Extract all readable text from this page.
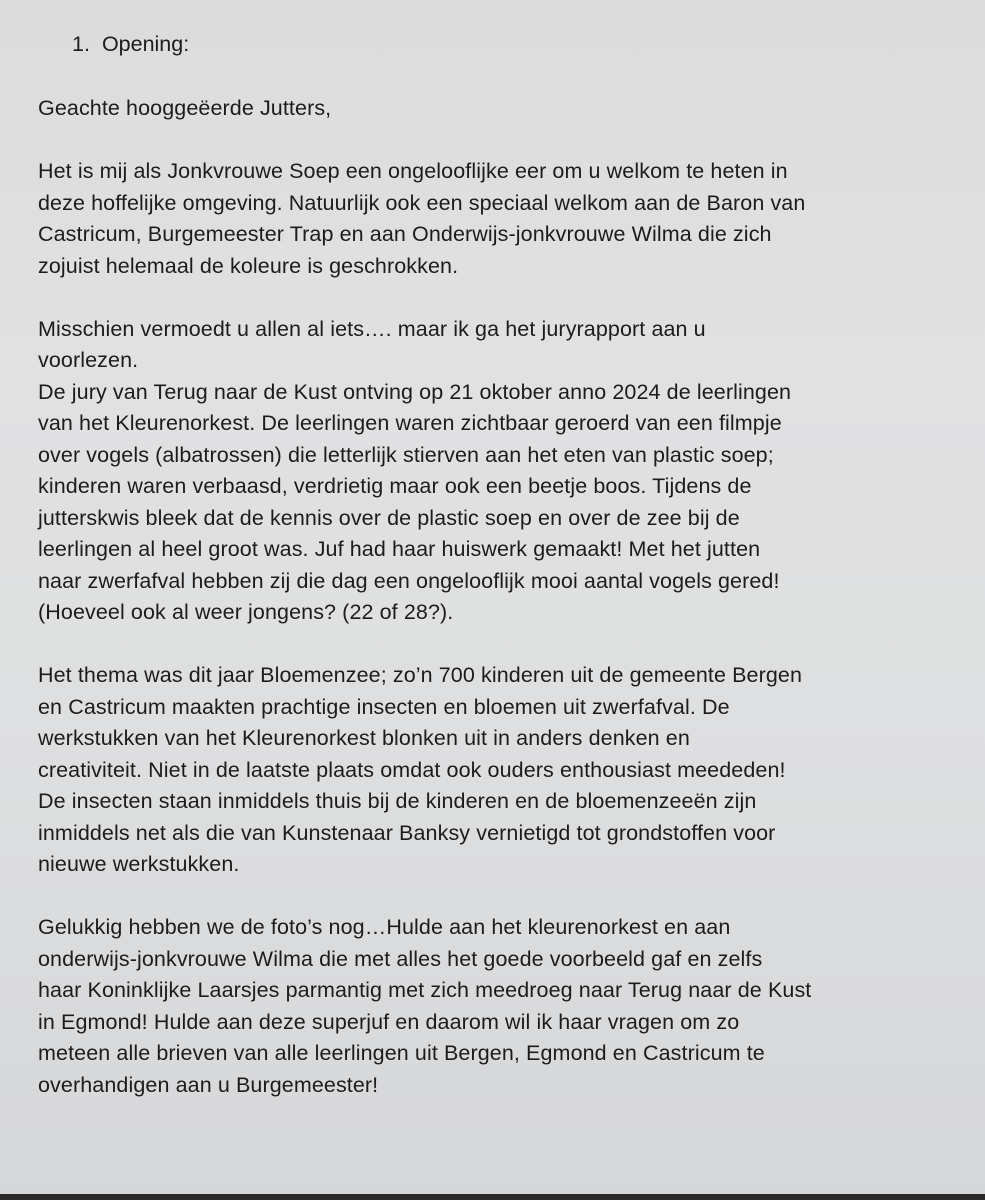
1. Opening:
Geachte hooggeëerde Jutters,
Het is mij als Jonkvrouwe Soep een ongelooflijke eer om u welkom te heten in
deze hoffelijke omgeving. Natuurlijk ook een speciaal welkom aan de Baron van
Castricum, Burgemeester Trap en aan Onderwijs-jonkvrouwe Wilma die zich
zojuist helemaal de koleure is geschrokken.
Misschien vermoedt u allen al iets…. maar ik ga het juryrapport aan u
voorlezen.
De jury van Terug naar de Kust ontving op 21 oktober anno 2024 de leerlingen
van het Kleurenorkest. De leerlingen waren zichtbaar geroerd van een filmpje
over vogels (albatrossen) die letterlijk stierven aan het eten van plastic soep;
kinderen waren verbaasd, verdrietig maar ook een beetje boos. Tijdens de
jutterskwis bleek dat de kennis over de plastic soep en over de zee bij de
leerlingen al heel groot was. Juf had haar huiswerk gemaakt! Met het jutten
naar zwerfafval hebben zij die dag een ongelooflijk mooi aantal vogels gered!
(Hoeveel ook al weer jongens? (22 of 28?).
Het thema was dit jaar Bloemenzee; zo’n 700 kinderen uit de gemeente Bergen
en Castricum maakten prachtige insecten en bloemen uit zwerfafval. De
werkstukken van het Kleurenorkest blonken uit in anders denken en
creativiteit. Niet in de laatste plaats omdat ook ouders enthousiast meededen!
De insecten staan inmiddels thuis bij de kinderen en de bloemenzeeën zijn
inmiddels net als die van Kunstenaar Banksy vernietigd tot grondstoffen voor
nieuwe werkstukken.
Gelukkig hebben we de foto’s nog…Hulde aan het kleurenorkest en aan
onderwijs-jonkvrouwe Wilma die met alles het goede voorbeeld gaf en zelfs
haar Koninklijke Laarsjes parmantig met zich meedroeg naar Terug naar de Kust
in Egmond! Hulde aan deze superjuf en daarom wil ik haar vragen om zo
meteen alle brieven van alle leerlingen uit Bergen, Egmond en Castricum te
overhandigen aan u Burgemeester!
